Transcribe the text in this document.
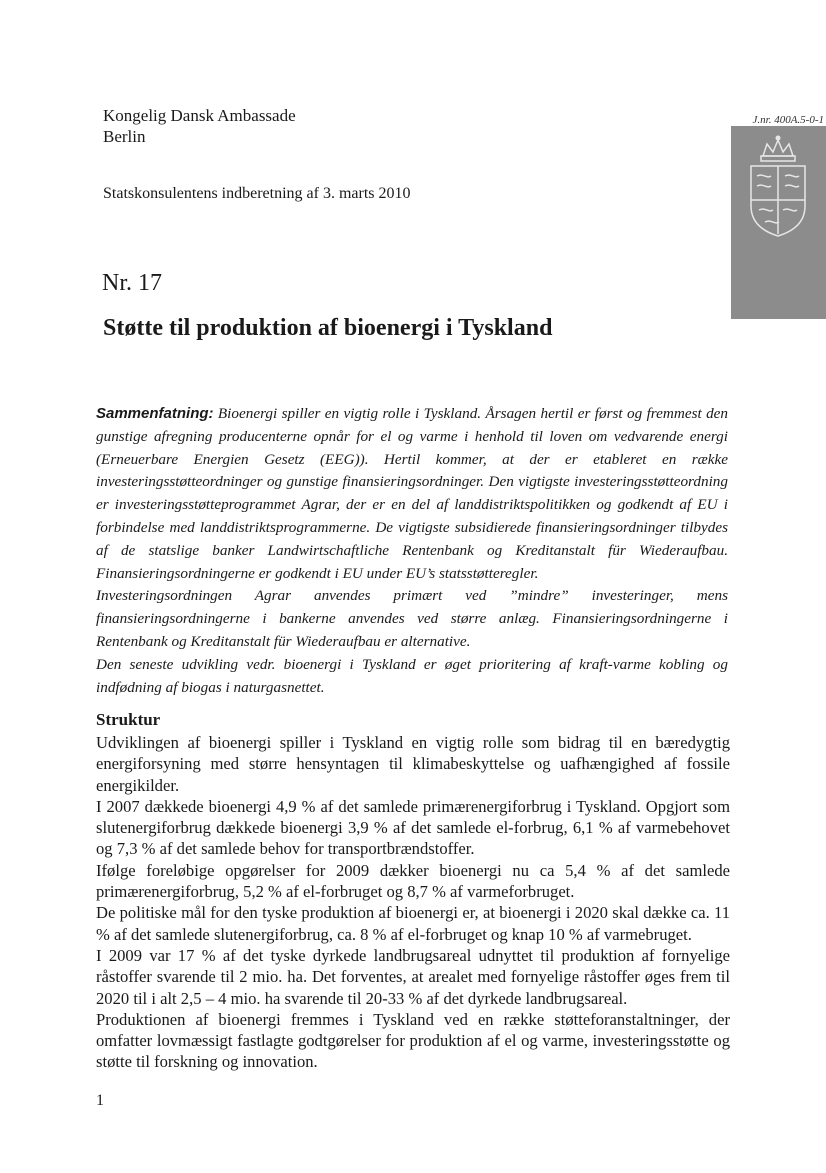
Kongelig Dansk Ambassade
Berlin
J.nr. 400A.5-0-1
Statskonsulentens indberetning af 3. marts 2010
Nr. 17
Støtte til produktion af bioenergi i Tyskland

Sammenfatning: Bioenergi spiller en vigtig rolle i Tyskland. Årsagen hertil er først og fremmest den gunstige afregning producenterne opnår for el og varme i henhold til loven om vedvarende energi (Erneuerbare Energien Gesetz (EEG)). Hertil kommer, at der er etableret en række investeringsstøtteordninger og gunstige finansieringsordninger. Den vigtigste investeringsstøtteordning er investeringsstøtteprogrammet Agrar, der er en del af landdistriktspolitikken og godkendt af EU i forbindelse med landdistriktsprogrammerne. De vigtigste subsidierede finansieringsordninger tilbydes af de statslige banker Landwirtschaftliche Rentenbank og Kreditanstalt für Wiederaufbau. Finansieringsordningerne er godkendt i EU under EU’s statsstøtteregler.

Investeringsordningen Agrar anvendes primært ved ”mindre” investeringer, mens finansieringsordningerne i bankerne anvendes ved større anlæg. Finansieringsordningerne i Rentenbank og Kreditanstalt für Wiederaufbau er alternative.

Den seneste udvikling vedr. bioenergi i Tyskland er øget prioritering af kraft-varme kobling og indfødning af biogas i naturgasnettet.

Struktur

Udviklingen af bioenergi spiller i Tyskland en vigtig rolle som bidrag til en bæredygtig energiforsyning med større hensyntagen til klimabeskyttelse og uafhængighed af fossile energikilder.

I 2007 dækkede bioenergi 4,9 % af det samlede primærenergiforbrug i Tyskland. Opgjort som slutenergiforbrug dækkede bioenergi 3,9 % af det samlede el-forbrug, 6,1 % af varmebehovet og 7,3 % af det samlede behov for transportbrændstoffer.

Ifølge foreløbige opgørelser for 2009 dækker bioenergi nu ca 5,4 % af det samlede primærenergiforbrug, 5,2 % af el-forbruget og 8,7 % af varmeforbruget.

De politiske mål for den tyske produktion af bioenergi er, at bioenergi i 2020 skal dække ca. 11 % af det samlede slutenergiforbrug, ca. 8 % af el-forbruget og knap 10 % af varmebruget.

I 2009 var 17 % af det tyske dyrkede landbrugsareal udnyttet til produktion af fornyelige råstoffer svarende til 2 mio. ha. Det forventes, at arealet med fornyelige råstoffer øges frem til 2020 til i alt 2,5 – 4 mio. ha svarende til 20-33 % af det dyrkede landbrugsareal.

Produktionen af bioenergi fremmes i Tyskland ved en række støtteforanstaltninger, der omfatter lovmæssigt fastlagte godtgørelser for produktion af el og varme, investeringsstøtte og støtte til forskning og innovation.

1
